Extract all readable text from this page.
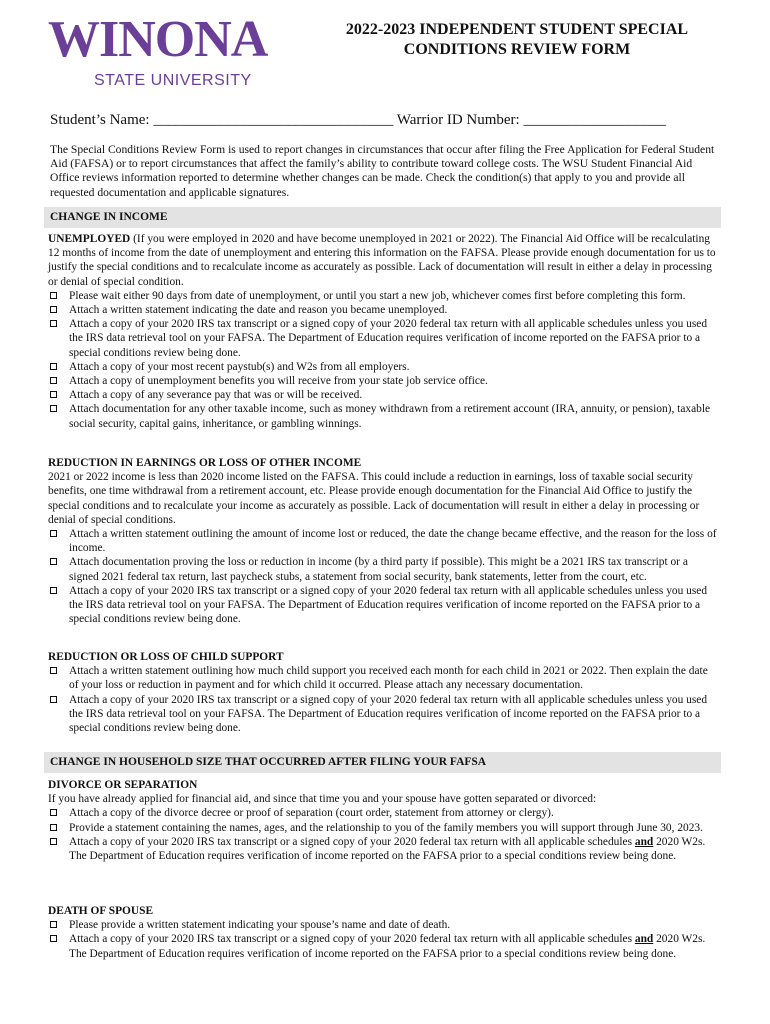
WINONA
STATE UNIVERSITY
2022-2023 INDEPENDENT STUDENT SPECIAL
CONDITIONS REVIEW FORM
Student’s Name: ________________________________ Warrior ID Number: ___________________
The Special Conditions Review Form is used to report changes in circumstances that occur after filing the Free Application for Federal Student Aid (FAFSA) or to report circumstances that affect the family’s ability to contribute toward college costs. The WSU Student Financial Aid Office reviews information reported to determine whether changes can be made. Check the condition(s) that apply to you and provide all requested documentation and applicable signatures.
CHANGE IN INCOME

UNEMPLOYED (If you were employed in 2020 and have become unemployed in 2021 or 2022). The Financial Aid Office will be recalculating 12 months of income from the date of unemployment and entering this information on the FAFSA. Please provide enough documentation for us to justify the special conditions and to recalculate income as accurately as possible. Lack of documentation will result in either a delay in processing or denial of special condition.

Please wait either 90 days from date of unemployment, or until you start a new job, whichever comes first before completing this form.
Attach a written statement indicating the date and reason you became unemployed.
Attach a copy of your 2020 IRS tax transcript or a signed copy of your 2020 federal tax return with all applicable schedules unless you used the IRS data retrieval tool on your FAFSA. The Department of Education requires verification of income reported on the FAFSA prior to a special conditions review being done.
Attach a copy of your most recent paystub(s) and W2s from all employers.
Attach a copy of unemployment benefits you will receive from your state job service office.
Attach a copy of any severance pay that was or will be received.
Attach documentation for any other taxable income, such as money withdrawn from a retirement account (IRA, annuity, or pension), taxable social security, capital gains, inheritance, or gambling winnings.

REDUCTION IN EARNINGS OR LOSS OF OTHER INCOME

2021 or 2022 income is less than 2020 income listed on the FAFSA. This could include a reduction in earnings, loss of taxable social security benefits, one time withdrawal from a retirement account, etc. Please provide enough documentation for the Financial Aid Office to justify the special conditions and to recalculate your income as accurately as possible. Lack of documentation will result in either a delay in processing or denial of special conditions.

Attach a written statement outlining the amount of income lost or reduced, the date the change became effective, and the reason for the loss of income.
Attach documentation proving the loss or reduction in income (by a third party if possible). This might be a 2021 IRS tax transcript or a signed 2021 federal tax return, last paycheck stubs, a statement from social security, bank statements, letter from the court, etc.
Attach a copy of your 2020 IRS tax transcript or a signed copy of your 2020 federal tax return with all applicable schedules unless you used the IRS data retrieval tool on your FAFSA. The Department of Education requires verification of income reported on the FAFSA prior to a special conditions review being done.

REDUCTION OR LOSS OF CHILD SUPPORT

Attach a written statement outlining how much child support you received each month for each child in 2021 or 2022. Then explain the date of your loss or reduction in payment and for which child it occurred. Please attach any necessary documentation.
Attach a copy of your 2020 IRS tax transcript or a signed copy of your 2020 federal tax return with all applicable schedules unless you used the IRS data retrieval tool on your FAFSA. The Department of Education requires verification of income reported on the FAFSA prior to a special conditions review being done.
CHANGE IN HOUSEHOLD SIZE THAT OCCURRED AFTER FILING YOUR FAFSA

DIVORCE OR SEPARATION

If you have already applied for financial aid, and since that time you and your spouse have gotten separated or divorced:

Attach a copy of the divorce decree or proof of separation (court order, statement from attorney or clergy).
Provide a statement containing the names, ages, and the relationship to you of the family members you will support through June 30, 2023.
Attach a copy of your 2020 IRS tax transcript or a signed copy of your 2020 federal tax return with all applicable schedules and 2020 W2s. The Department of Education requires verification of income reported on the FAFSA prior to a special conditions review being done.

DEATH OF SPOUSE

Please provide a written statement indicating your spouse’s name and date of death.
Attach a copy of your 2020 IRS tax transcript or a signed copy of your 2020 federal tax return with all applicable schedules and 2020 W2s. The Department of Education requires verification of income reported on the FAFSA prior to a special conditions review being done.
